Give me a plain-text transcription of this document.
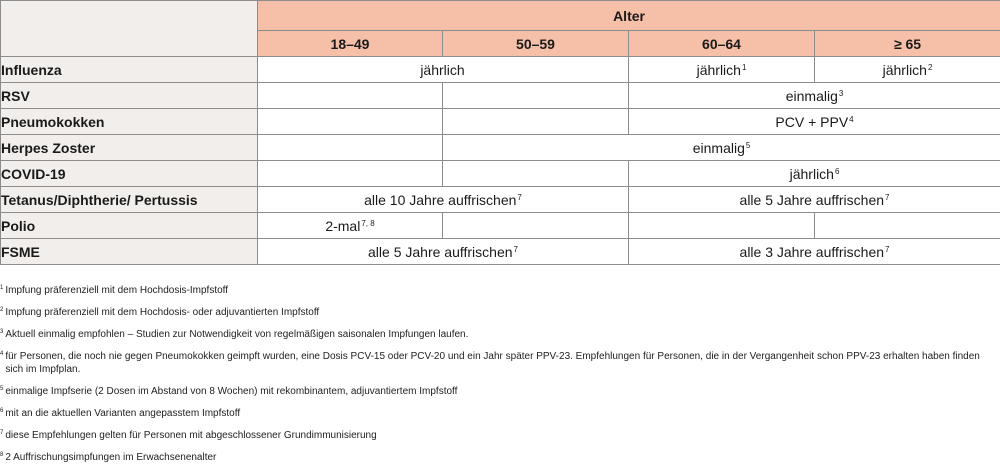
	Alter			
	18–49	50–59	60–64	≥ 65
Influenza	jährlich		jährlich$^1$	jährlich$^2$
RSV			einmalig$^3$
Pneumokokken			PCV + $PPV^4$
Herpes Zoster		einmalig$^5$
COVID-19			jährlich$^6$
Tetanus/Diphtherie/ Pertussis	alle 10 Jahre auffrischen$^7$		alle 5 Jahre auffrischen$^7$
Polio	2-mal$^{7, 8}$			
FSME	alle 5 Jahre auffrischen$^7$		alle 3 Jahre auffrischen$^7$
1 Impfung präferenziell mit dem Hochdosis-Impfstoff
2 Impfung präferenziell mit dem Hochdosis- oder adjuvantierten Impfstoff
3 Aktuell einmalig empfohlen – Studien zur Notwendigkeit von regelmäßigen saisonalen Impfungen laufen.
4 für Personen, die noch nie gegen Pneumokokken geimpft wurden, eine Dosis PCV-15 oder PCV-20 und ein Jahr später PPV-23. Empfehlungen für Personen, die in der Vergangenheit schon PPV-23 erhalten haben finden sich im Impfplan.
5 einmalige Impfserie (2 Dosen im Abstand von 8 Wochen) mit rekombinantem, adjuvantiertem Impfstoff
6 mit an die aktuellen Varianten angepasstem Impfstoff
7 diese Empfehlungen gelten für Personen mit abgeschlossener Grundimmunisierung
8 2 Auffrischungsimpfungen im Erwachsenenalter
